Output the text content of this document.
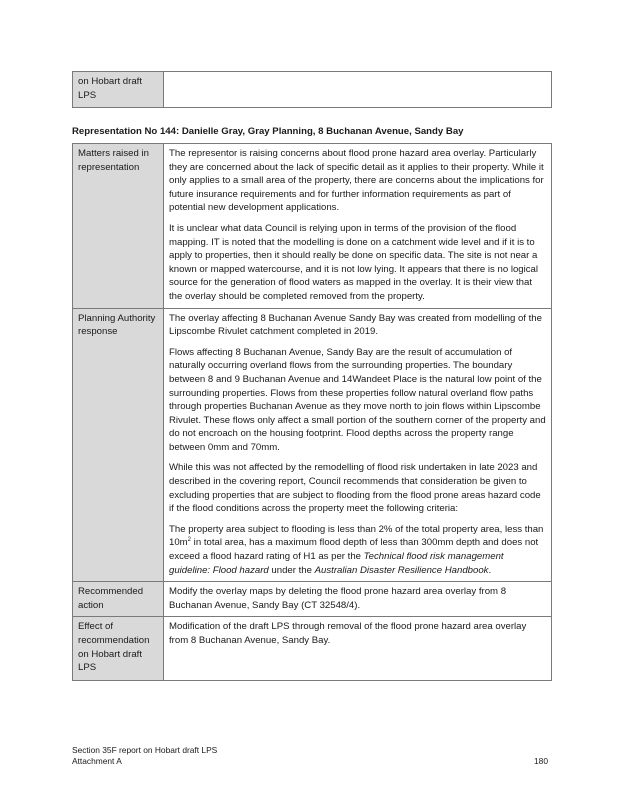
on Hobart draft LPS	
Representation No 144: Danielle Gray, Gray Planning, 8 Buchanan Avenue, Sandy Bay
Matters raised in representation	The representor is raising concerns about flood prone hazard area overlay. Particularly they are concerned about the lack of specific detail as it applies to their property. While it only applies to a small area of the property, there are concerns about the implications for future insurance requirements and for further information requirements as part of potential new development applications.

It is unclear what data Council is relying upon in terms of the provision of the flood mapping. IT is noted that the modelling is done on a catchment wide level and if it is to apply to properties, then it should really be done on specific data. The site is not near a known or mapped watercourse, and it is not low lying. It appears that there is no logical source for the generation of flood waters as mapped in the overlay. It is their view that the overlay should be completed removed from the property.

Planning Authority response	The overlay affecting 8 Buchanan Avenue Sandy Bay was created from modelling of the Lipscombe Rivulet catchment completed in 2019.

Flows affecting 8 Buchanan Avenue, Sandy Bay are the result of accumulation of naturally occurring overland flows from the surrounding properties. The boundary between 8 and 9 Buchanan Avenue and 14Wandeet Place is the natural low point of the surrounding properties. Flows from these properties follow natural overland flow paths through properties Buchanan Avenue as they move north to join flows within Lipscombe Rivulet. These flows only affect a small portion of the southern corner of the property and do not encroach on the housing footprint. Flood depths across the property range between 0mm and 70mm.

While this was not affected by the remodelling of flood risk undertaken in late 2023 and described in the covering report, Council recommends that consideration be given to excluding properties that are subject to flooding from the flood prone areas hazard code if the flood conditions across the property meet the following criteria:

The property area subject to flooding is less than 2% of the total property area, less than $10m^2$ in total area, has a maximum flood depth of less than 300mm depth and does not exceed a flood hazard rating of H1 as per the Technical flood risk management guideline: Flood hazard under the Australian Disaster Resilience Handbook.

Recommended action	Modify the overlay maps by deleting the flood prone hazard area overlay from 8 Buchanan Avenue, Sandy Bay (CT 32548/4).

Effect of recommendation on Hobart draft LPS	Modification of the draft LPS through removal of the flood prone hazard area overlay from 8 Buchanan Avenue, Sandy Bay.

Section 35F report on Hobart draft LPS
Attachment A	180
